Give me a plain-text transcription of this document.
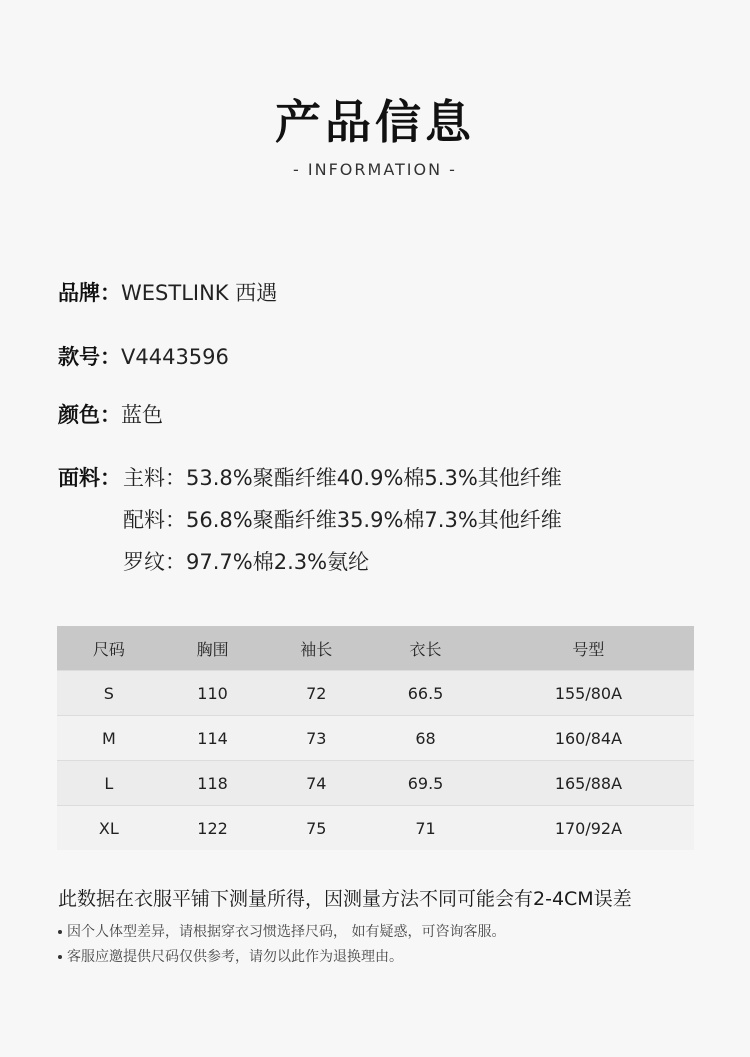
产品信息
- INFORMATION -
品牌：WESTLINK 西遇
款号：V4443596
颜色：蓝色
面料： 主料：53.8%聚酯纤维40.9%棉5.3%其他纤维
配料：56.8%聚酯纤维35.9%棉7.3%其他纤维
罗纹：97.7%棉2.3%氨纶
尺码	胸围	袖长	衣长	号型
S	110	72	66.5	155/80A
M	114	73	68	160/84A
L	118	74	69.5	165/88A
XL	122	75	71	170/92A
此数据在衣服平铺下测量所得，因测量方法不同可能会有2-4CM误差
因个人体型差异，请根据穿衣习惯选择尺码， 如有疑惑，可咨询客服。
客服应邀提供尺码仅供参考，请勿以此作为退换理由。
